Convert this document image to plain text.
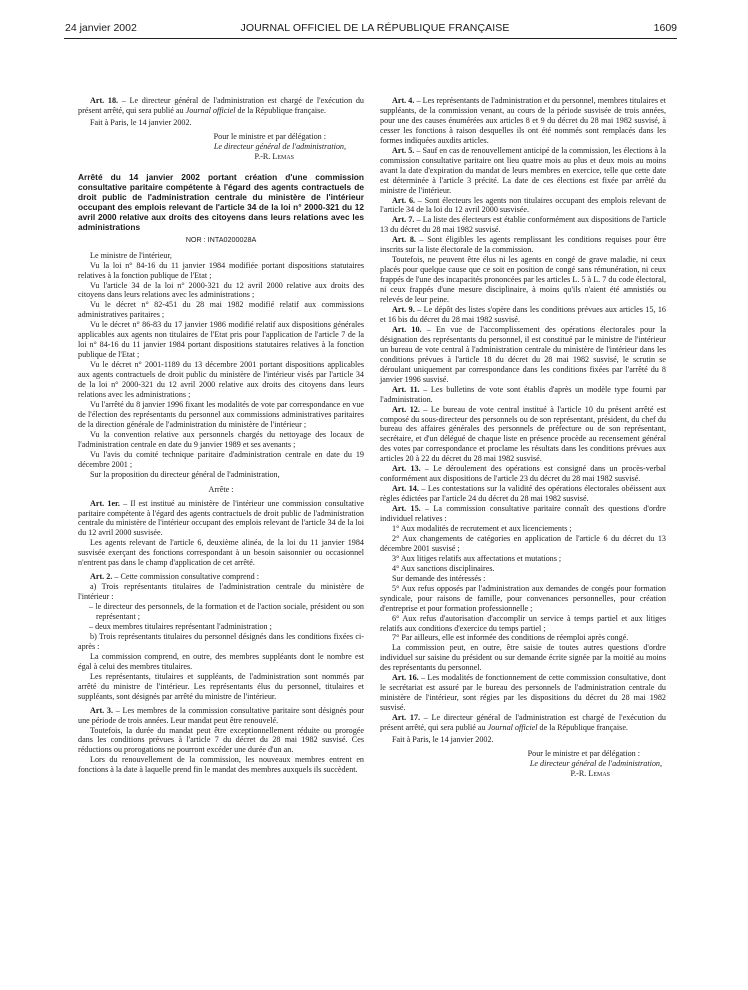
24 janvier 2002	JOURNAL OFFICIEL DE LA RÉPUBLIQUE FRANÇAISE	1609

Art. 18. – Le directeur général de l'administration est chargé de l'exécution du présent arrêté, qui sera publié au Journal officiel de la République française.

Fait à Paris, le 14 janvier 2002.

Pour le ministre et par délégation :

Le directeur général de l'administration,

P.-R. Lemas

Arrêté du 14 janvier 2002 portant création d'une commission consultative paritaire compétente à l'égard des agents contractuels de droit public de l'administration centrale du ministère de l'intérieur occupant des emplois relevant de l'article 34 de la loi n° 2000-321 du 12 avril 2000 relative aux droits des citoyens dans leurs relations avec les administrations

NOR : INTA0200028A

Le ministre de l'intérieur,

Vu la loi n° 84-16 du 11 janvier 1984 modifiée portant dispositions statutaires relatives à la fonction publique de l'Etat ;

Vu l'article 34 de la loi n° 2000-321 du 12 avril 2000 relative aux droits des citoyens dans leurs relations avec les administrations ;

Vu le décret n° 82-451 du 28 mai 1982 modifié relatif aux commissions administratives paritaires ;

Vu le décret n° 86-83 du 17 janvier 1986 modifié relatif aux dispositions générales applicables aux agents non titulaires de l'Etat pris pour l'application de l'article 7 de la loi n° 84-16 du 11 janvier 1984 portant dispositions statutaires relatives à la fonction publique de l'Etat ;

Vu le décret n° 2001-1189 du 13 décembre 2001 portant dispositions applicables aux agents contractuels de droit public du ministère de l'intérieur visés par l'article 34 de la loi n° 2000-321 du 12 avril 2000 relative aux droits des citoyens dans leurs relations avec les administrations ;

Vu l'arrêté du 8 janvier 1996 fixant les modalités de vote par correspondance en vue de l'élection des représentants du personnel aux commissions administratives paritaires de la direction générale de l'administration du ministère de l'intérieur ;

Vu la convention relative aux personnels chargés du nettoyage des locaux de l'administration centrale en date du 9 janvier 1989 et ses avenants ;

Vu l'avis du comité technique paritaire d'administration centrale en date du 19 décembre 2001 ;

Sur la proposition du directeur général de l'administration,

Arrête :

Art. 1er. – Il est institué au ministère de l'intérieur une commission consultative paritaire compétente à l'égard des agents contractuels de droit public de l'administration centrale du ministère de l'intérieur occupant des emplois relevant de l'article 34 de la loi du 12 avril 2000 susvisée.

Les agents relevant de l'article 6, deuxième alinéa, de la loi du 11 janvier 1984 susvisée exerçant des fonctions correspondant à un besoin saisonnier ou occasionnel n'entrent pas dans le champ d'application de cet arrêté.

Art. 2. – Cette commission consultative comprend :

a) Trois représentants titulaires de l'administration centrale du ministère de l'intérieur :

– le directeur des personnels, de la formation et de l'action sociale, président ou son représentant ;

– deux membres titulaires représentant l'administration ;

b) Trois représentants titulaires du personnel désignés dans les conditions fixées ci-après :

La commission comprend, en outre, des membres suppléants dont le nombre est égal à celui des membres titulaires.

Les représentants, titulaires et suppléants, de l'administration sont nommés par arrêté du ministre de l'intérieur. Les représentants élus du personnel, titulaires et suppléants, sont désignés par arrêté du ministre de l'intérieur.

Art. 3. – Les membres de la commission consultative paritaire sont désignés pour une période de trois années. Leur mandat peut être renouvelé.

Toutefois, la durée du mandat peut être exceptionnellement réduite ou prorogée dans les conditions prévues à l'article 7 du décret du 28 mai 1982 susvisé. Ces réductions ou prorogations ne pourront excéder une durée d'un an.

Lors du renouvellement de la commission, les nouveaux membres entrent en fonctions à la date à laquelle prend fin le mandat des membres auxquels ils succèdent.

Art. 4. – Les représentants de l'administration et du personnel, membres titulaires et suppléants, de la commission venant, au cours de la période susvisée de trois années, pour une des causes énumérées aux articles 8 et 9 du décret du 28 mai 1982 susvisé, à cesser les fonctions à raison desquelles ils ont été nommés sont remplacés dans les formes indiquées auxdits articles.

Art. 5. – Sauf en cas de renouvellement anticipé de la commission, les élections à la commission consultative paritaire ont lieu quatre mois au plus et deux mois au moins avant la date d'expiration du mandat de leurs membres en exercice, telle que cette date est déterminée à l'article 3 précité. La date de ces élections est fixée par arrêté du ministre de l'intérieur.

Art. 6. – Sont électeurs les agents non titulaires occupant des emplois relevant de l'article 34 de la loi du 12 avril 2000 susvisée.

Art. 7. – La liste des électeurs est établie conformément aux dispositions de l'article 13 du décret du 28 mai 1982 susvisé.

Art. 8. – Sont éligibles les agents remplissant les conditions requises pour être inscrits sur la liste électorale de la commission.

Toutefois, ne peuvent être élus ni les agents en congé de grave maladie, ni ceux placés pour quelque cause que ce soit en position de congé sans rémunération, ni ceux frappés de l'une des incapacités prononcées par les articles L. 5 à L. 7 du code électoral, ni ceux frappés d'une mesure disciplinaire, à moins qu'ils n'aient été amnistiés ou relevés de leur peine.

Art. 9. – Le dépôt des listes s'opère dans les conditions prévues aux articles 15, 16 et 16 bis du décret du 28 mai 1982 susvisé.

Art. 10. – En vue de l'accomplissement des opérations électorales pour la désignation des représentants du personnel, il est constitué par le ministre de l'intérieur un bureau de vote central à l'administration centrale du ministère de l'intérieur dans les conditions prévues à l'article 18 du décret du 28 mai 1982 susvisé, le scrutin se déroulant uniquement par correspondance dans les conditions fixées par l'arrêté du 8 janvier 1996 susvisé.

Art. 11. – Les bulletins de vote sont établis d'après un modèle type fourni par l'administration.

Art. 12. – Le bureau de vote central institué à l'article 10 du présent arrêté est composé du sous-directeur des personnels ou de son représentant, président, du chef du bureau des affaires générales des personnels de préfecture ou de son représentant, secrétaire, et d'un délégué de chaque liste en présence procède au recensement général des votes par correspondance et proclame les résultats dans les conditions prévues aux articles 20 à 22 du décret du 28 mai 1982 susvisé.

Art. 13. – Le déroulement des opérations est consigné dans un procès-verbal conformément aux dispositions de l'article 23 du décret du 28 mai 1982 susvisé.

Art. 14. – Les contestations sur la validité des opérations électorales obéissent aux règles édictées par l'article 24 du décret du 28 mai 1982 susvisé.

Art. 15. – La commission consultative paritaire connaît des questions d'ordre individuel relatives :

1° Aux modalités de recrutement et aux licenciements ;

2° Aux changements de catégories en application de l'article 6 du décret du 13 décembre 2001 susvisé ;

3° Aux litiges relatifs aux affectations et mutations ;

4° Aux sanctions disciplinaires.

Sur demande des intéressés :

5° Aux refus opposés par l'administration aux demandes de congés pour formation syndicale, pour raisons de famille, pour convenances personnelles, pour création d'entreprise et pour formation professionnelle ;

6° Aux refus d'autorisation d'accomplir un service à temps partiel et aux litiges relatifs aux conditions d'exercice du temps partiel ;

7° Par ailleurs, elle est informée des conditions de réemploi après congé.

La commission peut, en outre, être saisie de toutes autres questions d'ordre individuel sur saisine du président ou sur demande écrite signée par la moitié au moins des représentants du personnel.

Art. 16. – Les modalités de fonctionnement de cette commission consultative, dont le secrétariat est assuré par le bureau des personnels de l'administration centrale du ministère de l'intérieur, sont régies par les dispositions du décret du 28 mai 1982 susvisé.

Art. 17. – Le directeur général de l'administration est chargé de l'exécution du présent arrêté, qui sera publié au Journal officiel de la République française.

Fait à Paris, le 14 janvier 2002.

Pour le ministre et par délégation :

Le directeur général de l'administration,

P.-R. Lemas
